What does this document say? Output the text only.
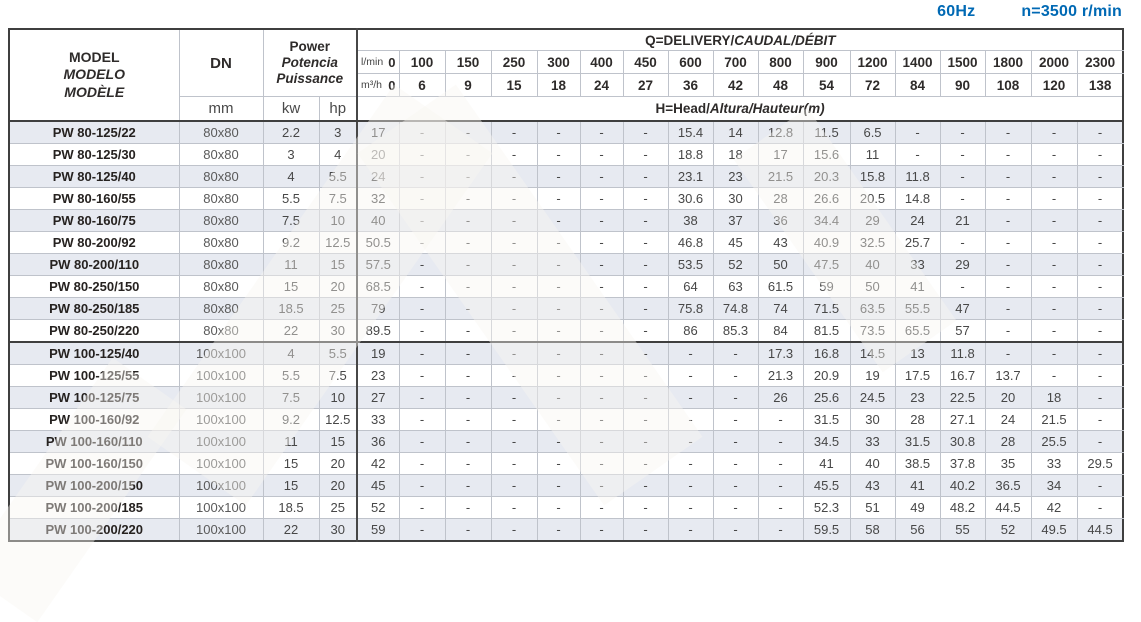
60Hz	n=3500 r/min
MODEL
MODELO
MODÈLE
	DN	
Power
Potencia
Puissance
	Q=DELIVERY/CAUDAL/DÉBIT

				l/min 0	100	150	250	300	400	450	600	700	800	900	1200	1400	1500	1800	2000	2300

				m³/h 0	6	9	15	18	24	27	36	42	48	54	72	84	90	108	120	138
	mm	kw	hp	H=Head/Altura/Hauteur(m)																
PW 80-125/22	80x80	2.2	3	17	-	-	-	-	-	-	15.4	14	12.8	11.5	6.5	-	-	-	-	-
PW 80-125/30	80x80	3	4	20	-	-	-	-	-	-	18.8	18	17	15.6	11	-	-	-	-	-
PW 80-125/40	80x80	4	5.5	24	-	-	-	-	-	-	23.1	23	21.5	20.3	15.8	11.8	-	-	-	-
PW 80-160/55	80x80	5.5	7.5	32	-	-	-	-	-	-	30.6	30	28	26.6	20.5	14.8	-	-	-	-
PW 80-160/75	80x80	7.5	10	40	-	-	-	-	-	-	38	37	36	34.4	29	24	21	-	-	-
PW 80-200/92	80x80	9.2	12.5	50.5	-	-	-	-	-	-	46.8	45	43	40.9	32.5	25.7	-	-	-	-
PW 80-200/110	80x80	11	15	57.5	-	-	-	-	-	-	53.5	52	50	47.5	40	33	29	-	-	-
PW 80-250/150	80x80	15	20	68.5	-	-	-	-	-	-	64	63	61.5	59	50	41	-	-	-	-
PW 80-250/185	80x80	18.5	25	79	-	-	-	-	-	-	75.8	74.8	74	71.5	63.5	55.5	47	-	-	-
PW 80-250/220	80x80	22	30	89.5	-	-	-	-	-	-	86	85.3	84	81.5	73.5	65.5	57	-	-	-
PW 100-125/40	100x100	4	5.5	19	-	-	-	-	-	-	-	-	17.3	16.8	14.5	13	11.8	-	-	-
PW 100-125/55	100x100	5.5	7.5	23	-	-	-	-	-	-	-	-	21.3	20.9	19	17.5	16.7	13.7	-	-
PW 100-125/75	100x100	7.5	10	27	-	-	-	-	-	-	-	-	26	25.6	24.5	23	22.5	20	18	-
PW 100-160/92	100x100	9.2	12.5	33	-	-	-	-	-	-	-	-	-	31.5	30	28	27.1	24	21.5	-
PW 100-160/110	100x100	11	15	36	-	-	-	-	-	-	-	-	-	34.5	33	31.5	30.8	28	25.5	-
PW 100-160/150	100x100	15	20	42	-	-	-	-	-	-	-	-	-	41	40	38.5	37.8	35	33	29.5
PW 100-200/150	100x100	15	20	45	-	-	-	-	-	-	-	-	-	45.5	43	41	40.2	36.5	34	-
PW 100-200/185	100x100	18.5	25	52	-	-	-	-	-	-	-	-	-	52.3	51	49	48.2	44.5	42	-
PW 100-200/220	100x100	22	30	59	-	-	-	-	-	-	-	-	-	59.5	58	56	55	52	49.5	44.5
